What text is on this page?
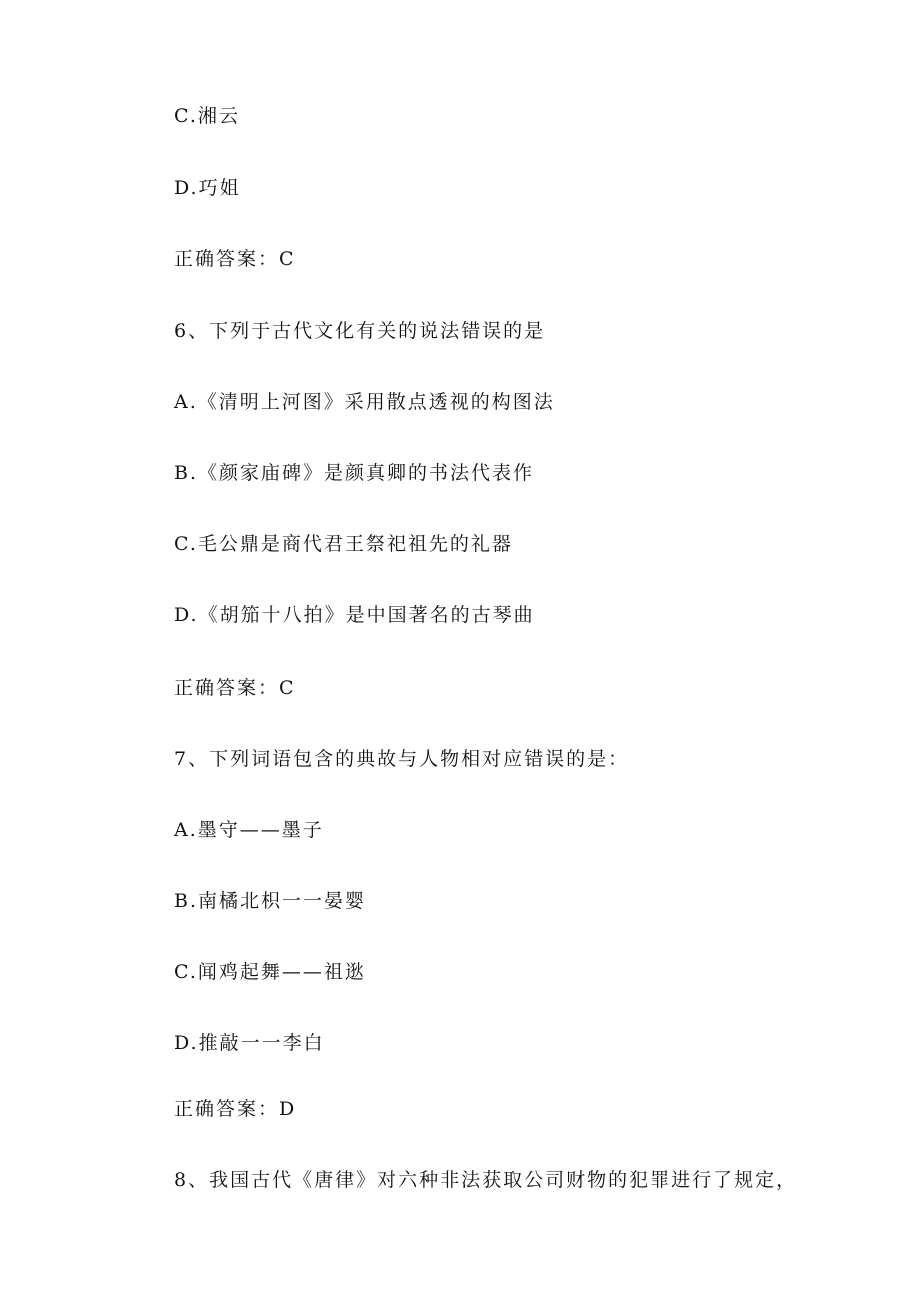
C.湘云
D.巧姐
正确答案：C
6、下列于古代文化有关的说法错误的是
A.《清明上河图》采用散点透视的构图法
B.《颜家庙碑》是颜真卿的书法代表作
C.毛公鼎是商代君王祭祀祖先的礼器
D.《胡笳十八拍》是中国著名的古琴曲
正确答案：C
7、下列词语包含的典故与人物相对应错误的是：
A.墨守——墨子
B.南橘北枳一一晏婴
C.闻鸡起舞——祖逖
D.推敲一一李白
正确答案：D
8、我国古代《唐律》对六种非法获取公司财物的犯罪进行了规定，
